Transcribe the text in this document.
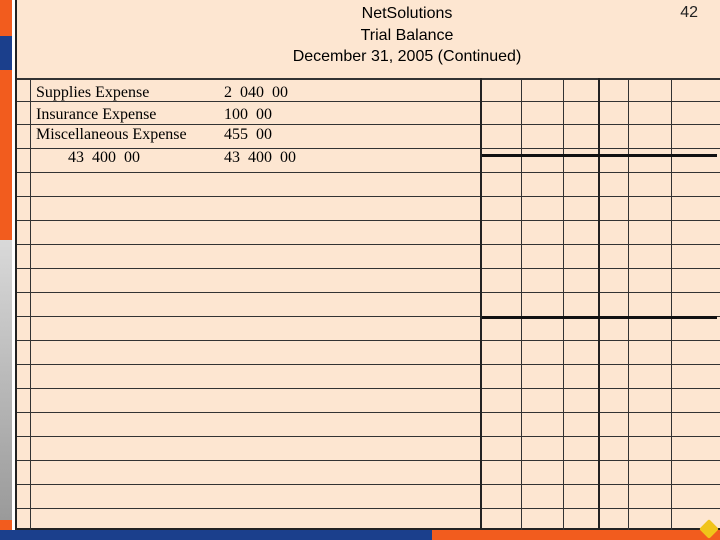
NetSolutions
Trial Balance
December 31, 2005 (Continued)
42
Supplies Expense	2  040  00
Insurance Expense	100  00
Miscellaneous Expense 455  00
43  400  00	43  400  00
